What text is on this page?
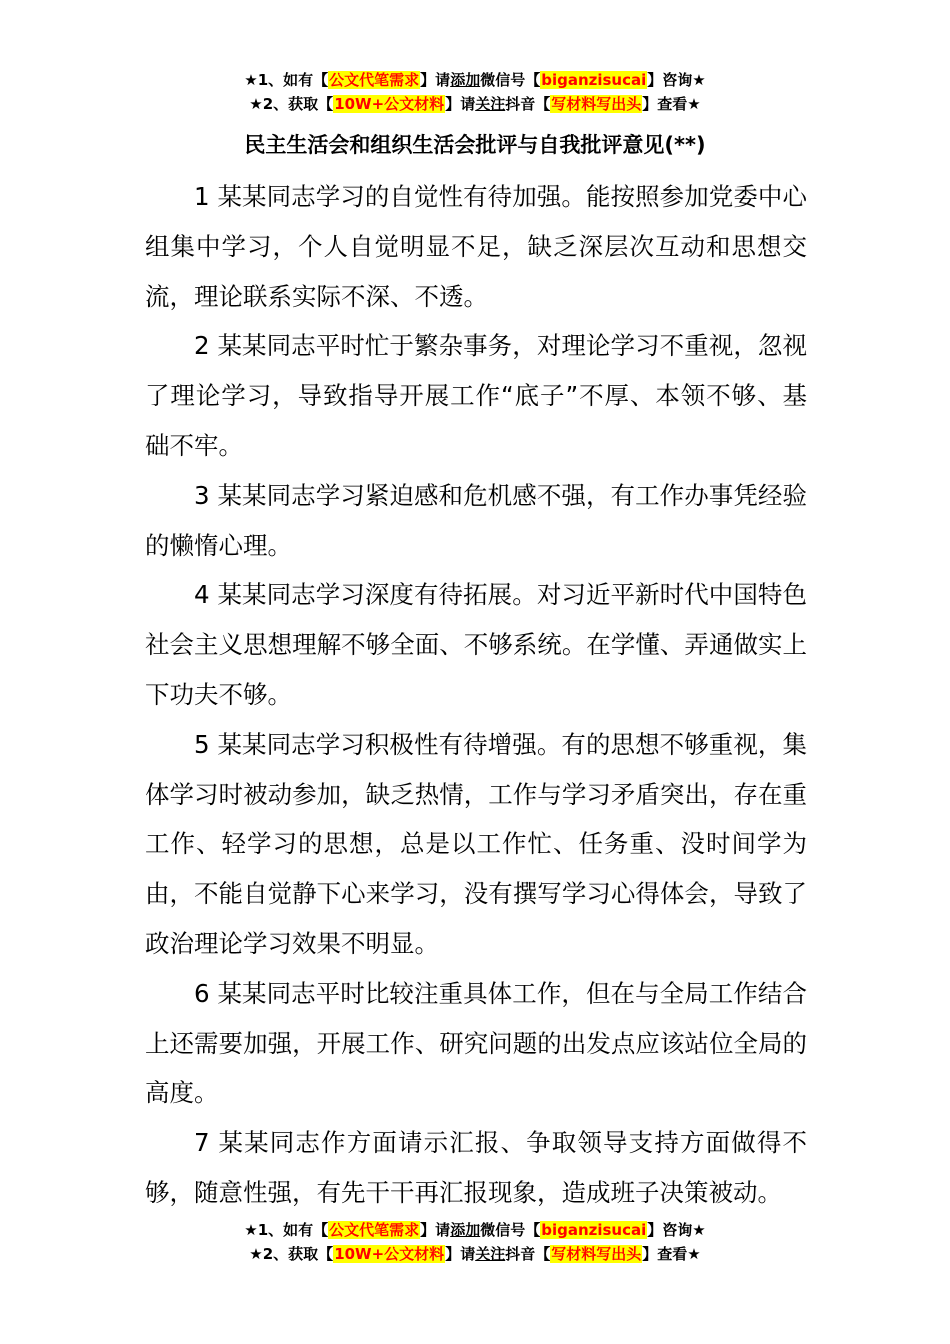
★1、如有【公文代笔需求】请添加微信号【biganzisucai】咨询★
★2、获取【10W+公文材料】请关注抖音【写材料写出头】查看★
民主生活会和组织生活会批评与自我批评意见(**)

1 某某同志学习的自觉性有待加强。能按照参加党委中心组集中学习，个人自觉明显不足，缺乏深层次互动和思想交流，理论联系实际不深、不透。

2 某某同志平时忙于繁杂事务，对理论学习不重视，忽视了理论学习，导致指导开展工作“底子”不厚、本领不够、基础不牢。

3 某某同志学习紧迫感和危机感不强，有工作办事凭经验的懒惰心理。

4 某某同志学习深度有待拓展。对习近平新时代中国特色社会主义思想理解不够全面、不够系统。在学懂、弄通做实上下功夫不够。

5 某某同志学习积极性有待增强。有的思想不够重视，集体学习时被动参加，缺乏热情，工作与学习矛盾突出，存在重工作、轻学习的思想，总是以工作忙、任务重、没时间学为由，不能自觉静下心来学习，没有撰写学习心得体会，导致了政治理论学习效果不明显。

6 某某同志平时比较注重具体工作，但在与全局工作结合上还需要加强，开展工作、研究问题的出发点应该站位全局的高度。

7 某某同志作方面请示汇报、争取领导支持方面做得不够，随意性强，有先干干再汇报现象，造成班子决策被动。

★1、如有【公文代笔需求】请添加微信号【biganzisucai】咨询★
★2、获取【10W+公文材料】请关注抖音【写材料写出头】查看★
